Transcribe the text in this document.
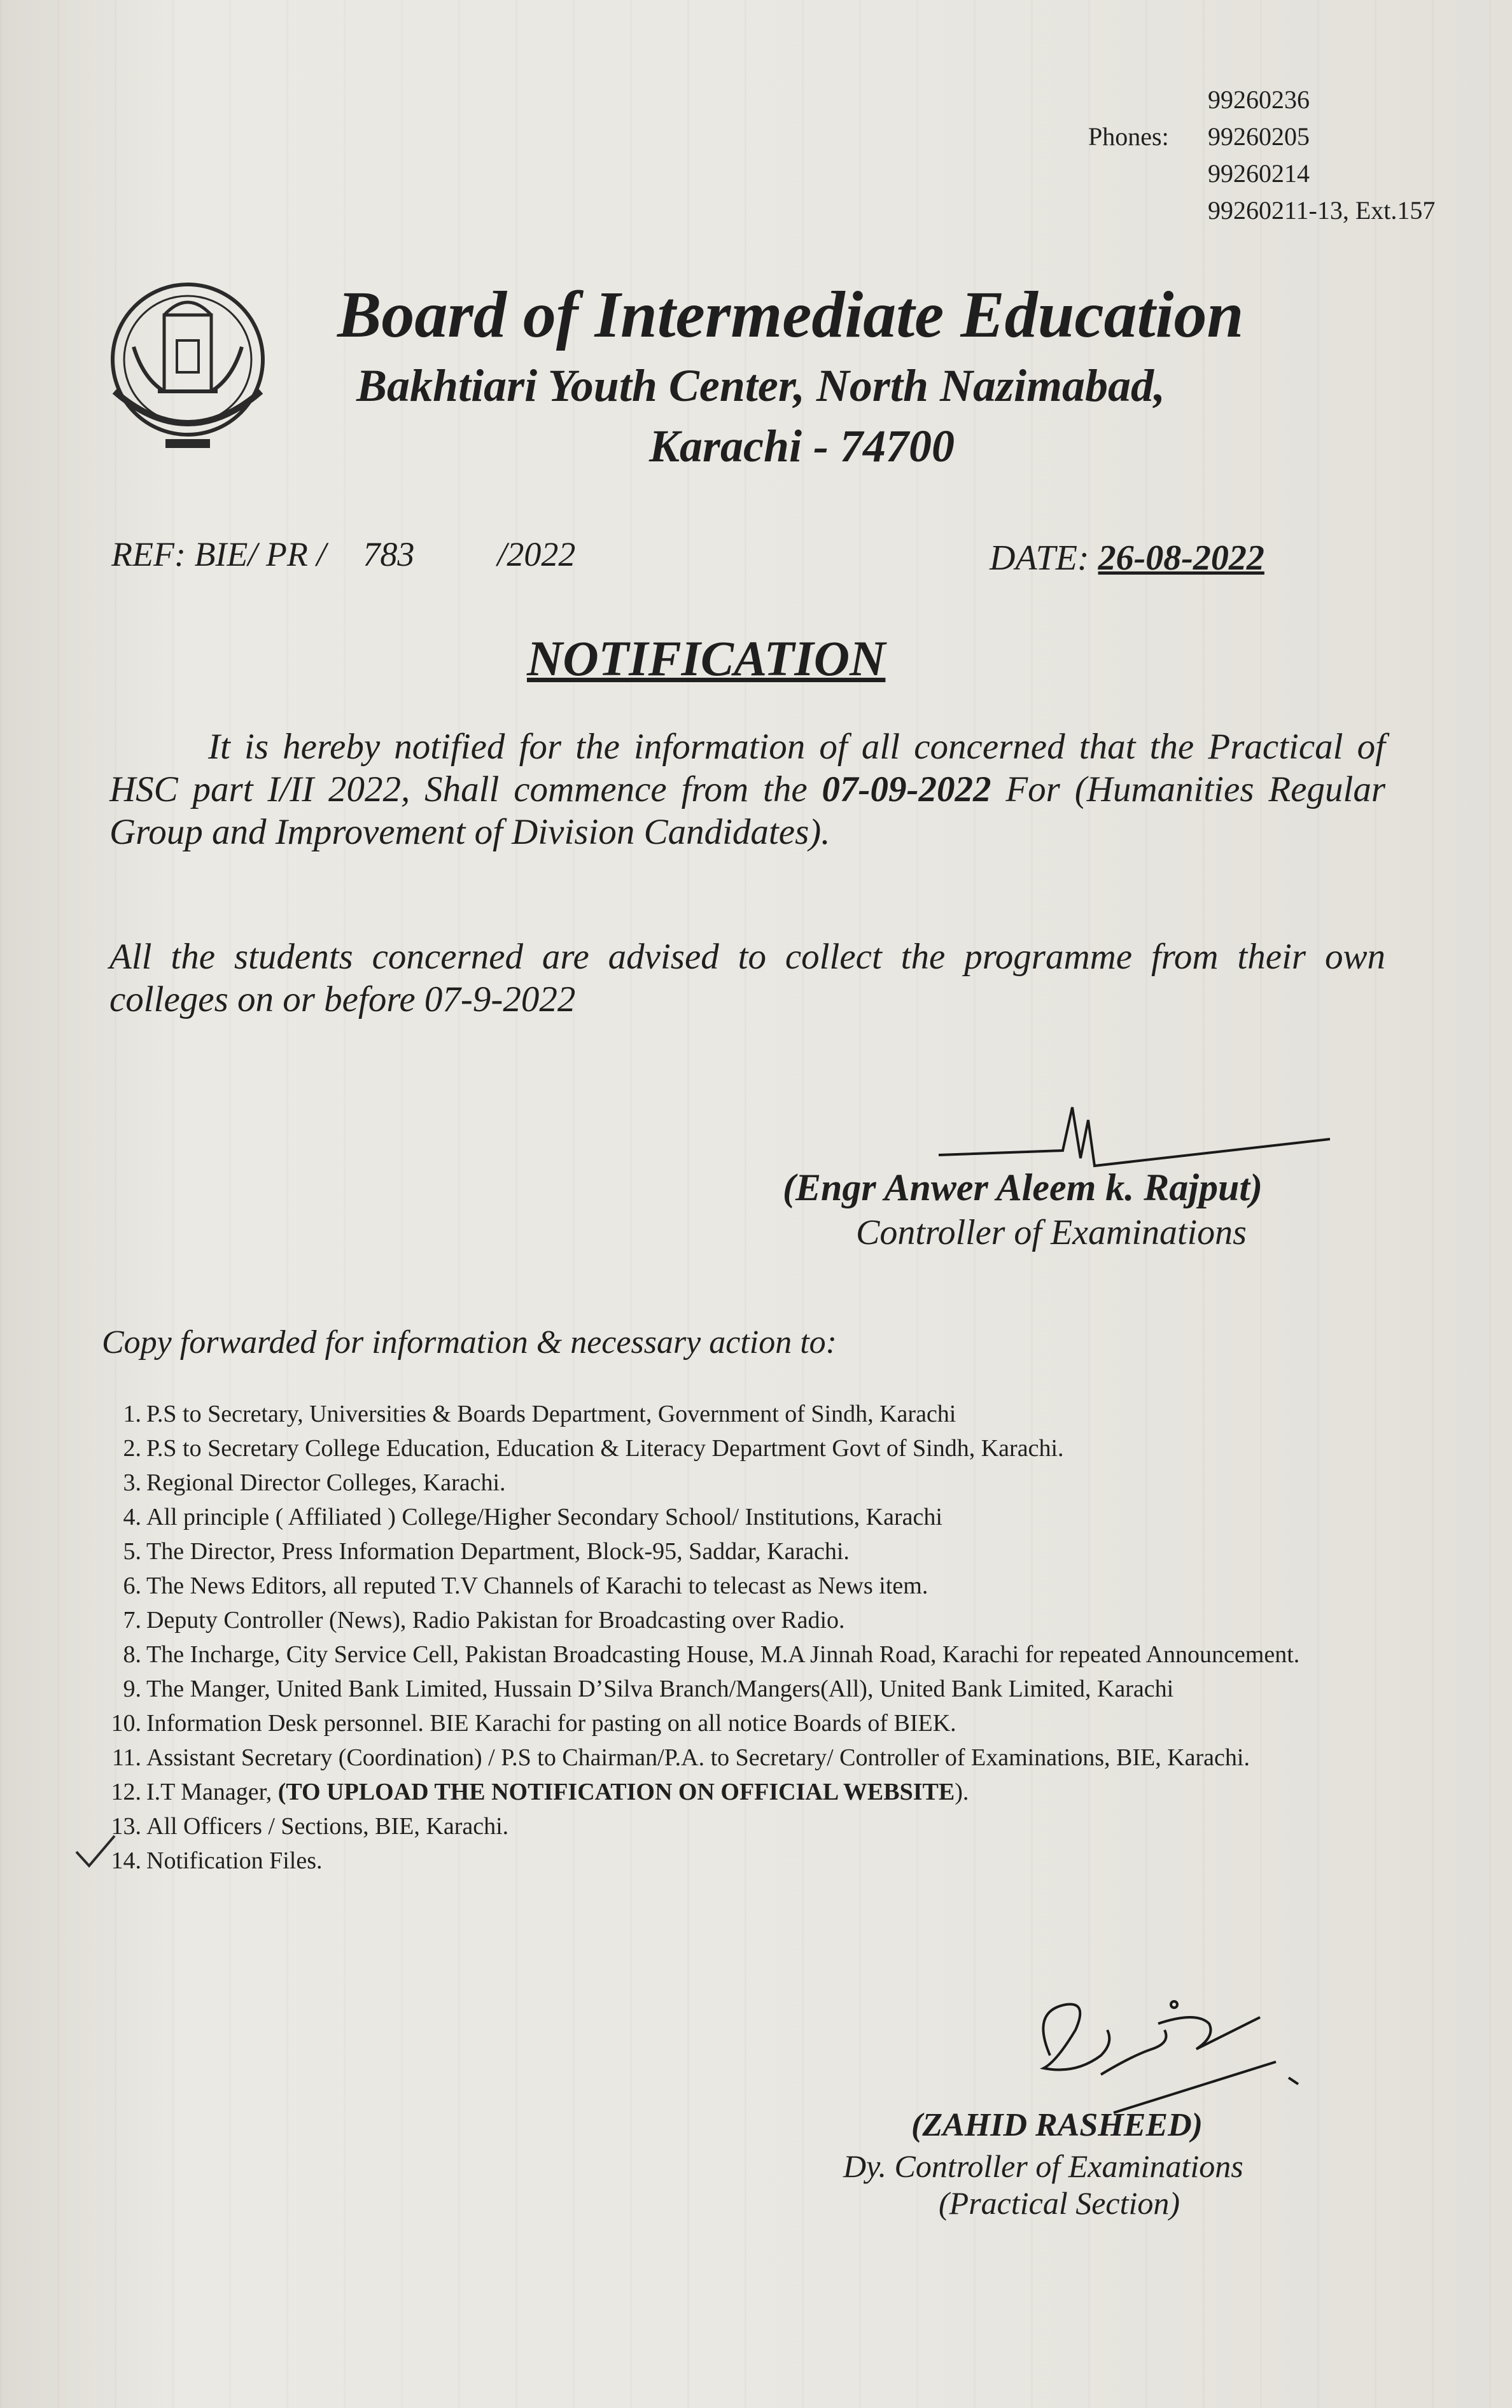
Phones:
99260236
99260205
99260214
99260211-13, Ext.157
Board of Intermediate Education
Bakhtiari Youth Center, North Nazimabad,
Karachi - 74700
REF: BIE/ PR / 783 /2022	DATE: 26-08-2022
NOTIFICATION
It is hereby notified for the information of all concerned that the Practical of HSC part I/II 2022, Shall commence from the 07-09-2022 For (Humanities Regular Group and Improvement of Division Candidates).
All the students concerned are advised to collect the programme from their own colleges on or before 07-9-2022
(Engr Anwer Aleem k. Rajput)
Controller of Examinations
Copy forwarded for information & necessary action to:
1. P.S to Secretary, Universities & Boards Department, Government of Sindh, Karachi
2. P.S to Secretary College Education, Education & Literacy Department Govt of Sindh, Karachi.
3. Regional Director Colleges, Karachi.
4. All principle ( Affiliated ) College/Higher Secondary School/ Institutions, Karachi
5. The Director, Press Information Department, Block-95, Saddar, Karachi.
6. The News Editors, all reputed T.V Channels of Karachi to telecast as News item.
7. Deputy Controller (News), Radio Pakistan for Broadcasting over Radio.
8. The Incharge, City Service Cell, Pakistan Broadcasting House, M.A Jinnah Road, Karachi for repeated Announcement.
9. The Manger, United Bank Limited, Hussain D’Silva Branch/Mangers(All), United Bank Limited, Karachi
10. Information Desk personnel. BIE Karachi for pasting on all notice Boards of BIEK.
11. Assistant Secretary (Coordination) / P.S to Chairman/P.A. to Secretary/ Controller of Examinations, BIE, Karachi.
12. I.T Manager, (TO UPLOAD THE NOTIFICATION ON OFFICIAL WEBSITE).
13. All Officers / Sections, BIE, Karachi.
14. Notification Files.
(ZAHID RASHEED)
Dy. Controller of Examinations
(Practical Section)
